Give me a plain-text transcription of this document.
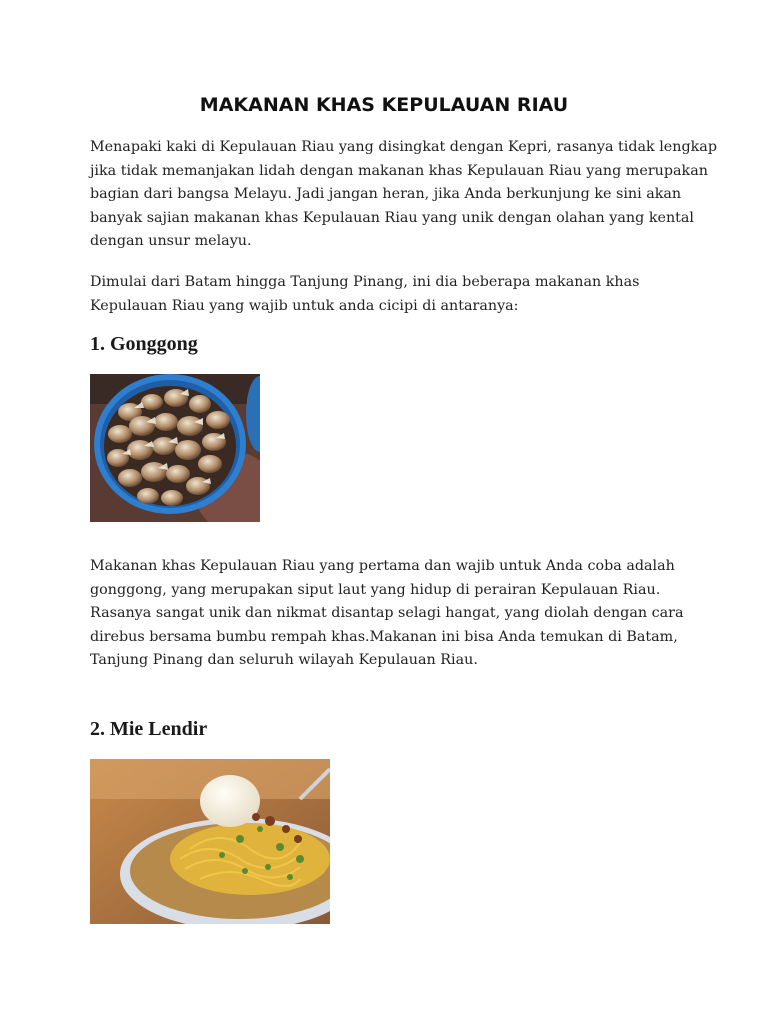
MAKANAN KHAS KEPULAUAN RIAU

Menapaki kaki di Kepulauan Riau yang disingkat dengan Kepri, rasanya tidak lengkap
jika tidak memanjakan lidah dengan makanan khas Kepulauan Riau yang merupakan
bagian dari bangsa Melayu. Jadi jangan heran, jika Anda berkunjung ke sini akan
banyak sajian makanan khas Kepulauan Riau yang unik dengan olahan yang kental
dengan unsur melayu.

Dimulai dari Batam hingga Tanjung Pinang, ini dia beberapa makanan khas
Kepulauan Riau yang wajib untuk anda cicipi di antaranya:

1. Gonggong

Makanan khas Kepulauan Riau yang pertama dan wajib untuk Anda coba adalah
gonggong, yang merupakan siput laut yang hidup di perairan Kepulauan Riau.
Rasanya sangat unik dan nikmat disantap selagi hangat, yang diolah dengan cara
direbus bersama bumbu rempah khas.Makanan ini bisa Anda temukan di Batam,
Tanjung Pinang dan seluruh wilayah Kepulauan Riau.

2. Mie Lendir
